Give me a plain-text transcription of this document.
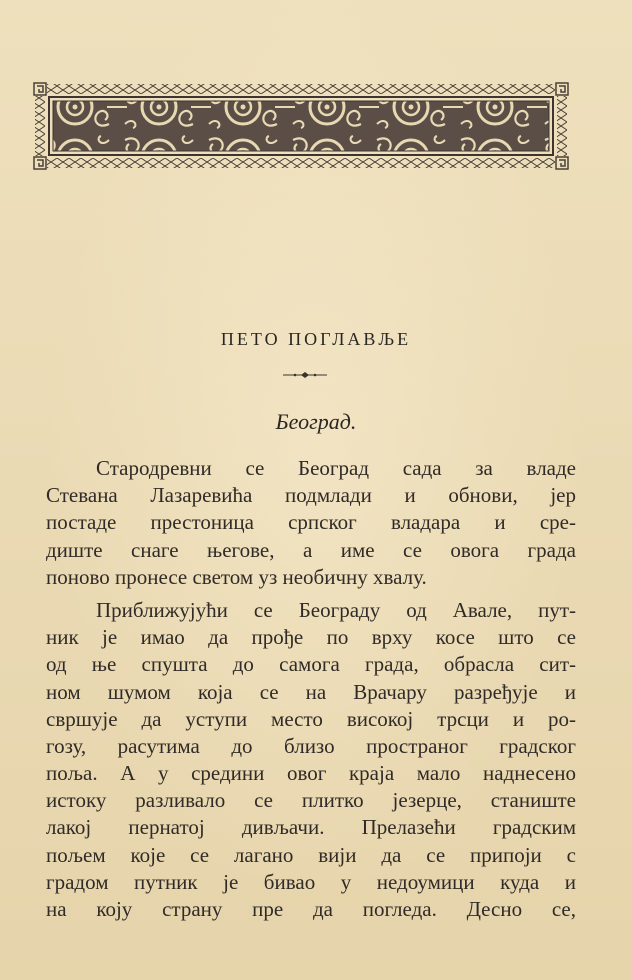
ПЕТО ПОГЛАВЉЕ
Београд.
Стародревни се Београд сада за владе
Стевана Лазаревића подмлади и обнови, јер
постаде престоница српског владара и сре-
диште снаге његове, а име се овога града
поново пронесе светом уз необичну хвалу.
Приближујући се Београду од Авале, пут-
ник је имао да прође по врху косе што се
од ње спушта до самога града, обрасла сит-
ном шумом која се на Врачару разређује и
свршује да уступи место високој трсци и ро-
гозу, расутима до близо пространог градског
поља. А у средини овог краја мало наднесено
истоку разливало се плитко језерце, станиште
лакој пернатој дивљачи. Прелазећи градским
пољем које се лагано вији да се припоји с
градом путник је бивао у недоумици куда и
на коју страну пре да погледа. Десно се,
